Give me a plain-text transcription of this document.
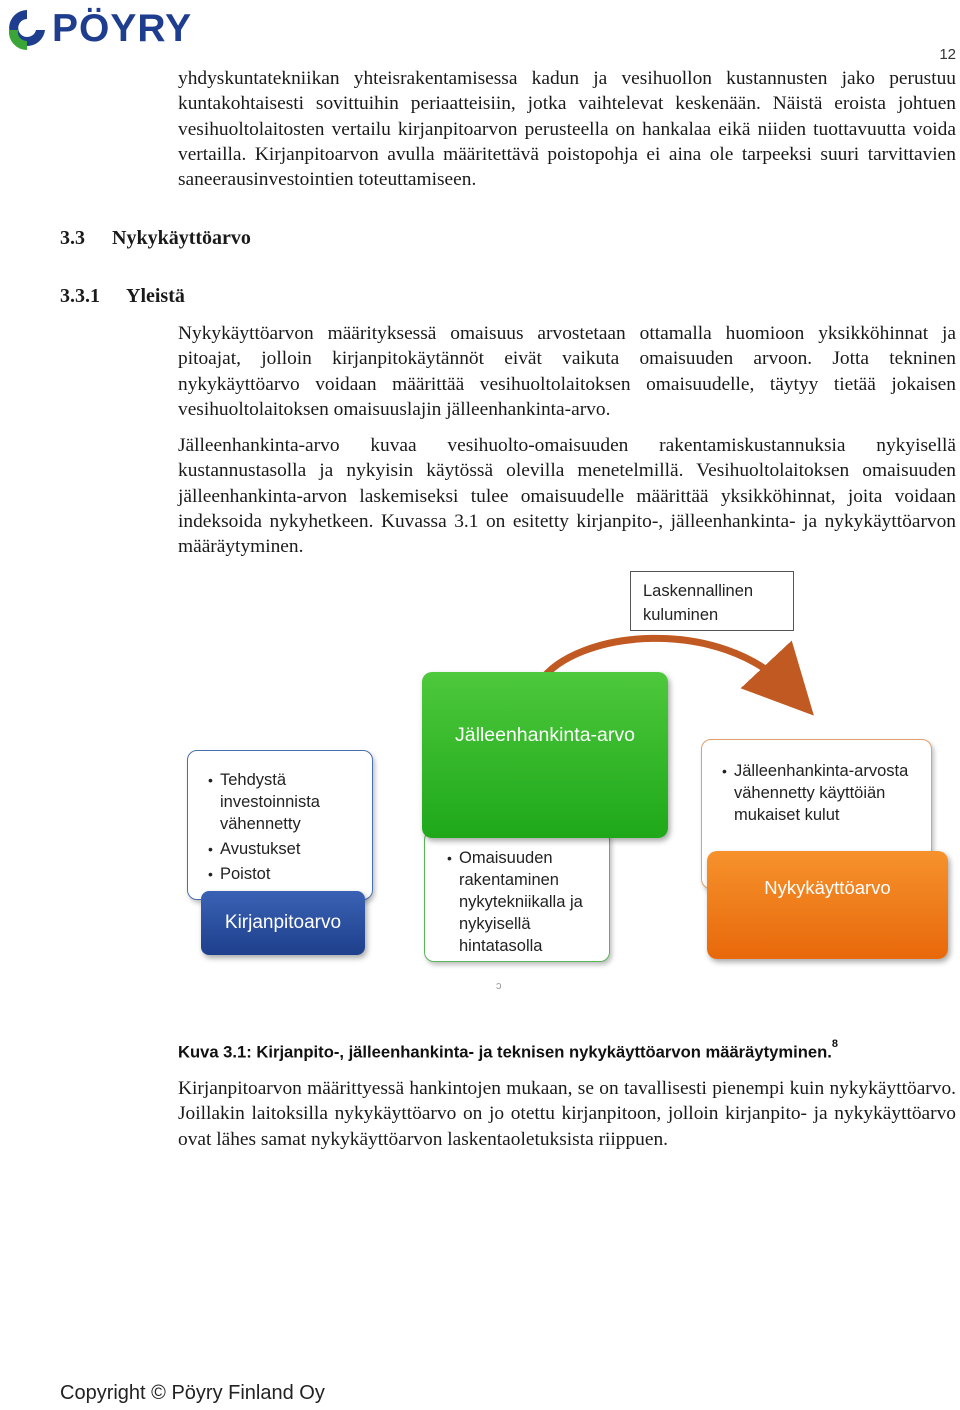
PÖYRY
12
yhdyskuntatekniikan yhteisrakentamisessa kadun ja vesihuollon kustannusten jako perustuu kuntakohtaisesti sovittuihin periaatteisiin, jotka vaihtelevat keskenään. Näistä eroista johtuen vesihuoltolaitosten vertailu kirjanpitoarvon perusteella on hankalaa eikä niiden tuottavuutta voida vertailla. Kirjanpitoarvon avulla määritettävä poistopohja ei aina ole tarpeeksi suuri tarvittavien saneerausinvestointien toteuttamiseen.
3.3 Nykykäyttöarvo
3.3.1 Yleistä
Nykykäyttöarvon määrityksessä omaisuus arvostetaan ottamalla huomioon yksikköhinnat ja pitoajat, jolloin kirjanpitokäytännöt eivät vaikuta omaisuuden arvoon. Jotta tekninen nykykäyttöarvo voidaan määrittää vesihuoltolaitoksen omaisuudelle, täytyy tietää jokaisen vesihuoltolaitoksen omaisuuslajin jälleenhankinta-arvo.
Jälleenhankinta-arvo kuvaa vesihuolto-omaisuuden rakentamiskustannuksia nykyisellä kustannustasolla ja nykyisin käytössä olevilla menetelmillä. Vesihuoltolaitoksen omaisuuden jälleenhankinta-arvon laskemiseksi tulee omaisuudelle määrittää yksikköhinnat, joita voidaan indeksoida nykyhetkeen. Kuvassa 3.1 on esitetty kirjanpito-, jälleenhankinta- ja nykykäyttöarvon määräytyminen.
Laskennallinen
kuluminen
• Tehdystä investoinnista vähennetty
• Avustukset
• Poistot
Kirjanpitoarvo
• Omaisuuden rakentaminen nykytekniikalla ja nykyisellä hintatasolla
Jälleenhankinta-arvo
• Jälleenhankinta-arvosta vähennetty käyttöiän mukaiset kulut
Nykykäyttöarvo
ↄ
Kuva 3.1: Kirjanpito-, jälleenhankinta- ja teknisen nykykäyttöarvon määräytyminen.$^8$
Kirjanpitoarvon määrittyessä hankintojen mukaan, se on tavallisesti pienempi kuin nykykäyttöarvo. Joillakin laitoksilla nykykäyttöarvo on jo otettu kirjanpitoon, jolloin kirjanpito- ja nykykäyttöarvo ovat lähes samat nykykäyttöarvon laskentaoletuksista riippuen.
Copyright © Pöyry Finland Oy
